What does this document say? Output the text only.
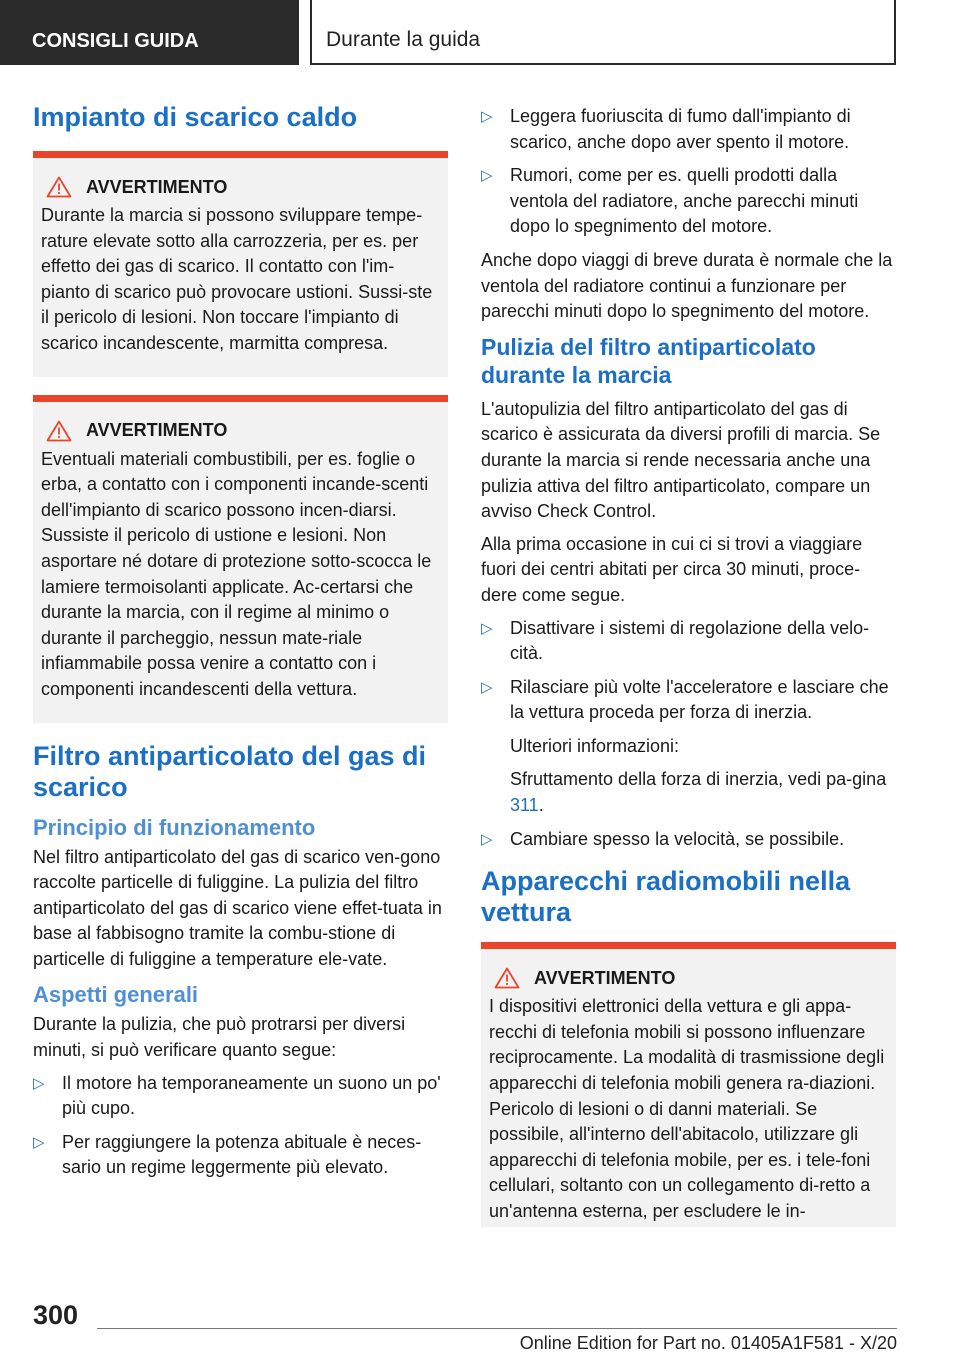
CONSIGLI GUIDA	Durante la guida
Impianto di scarico caldo
AVVERTIMENTO
Durante la marcia si possono sviluppare tempe-rature elevate sotto alla carrozzeria, per es. per effetto dei gas di scarico. Il contatto con l'im-pianto di scarico può provocare ustioni. Sussi-ste il pericolo di lesioni. Non toccare l'impianto di scarico incandescente, marmitta compresa.
AVVERTIMENTO
Eventuali materiali combustibili, per es. foglie o erba, a contatto con i componenti incande-scenti dell'impianto di scarico possono incen-diarsi. Sussiste il pericolo di ustione e lesioni. Non asportare né dotare di protezione sotto-scocca le lamiere termoisolanti applicate. Ac-certarsi che durante la marcia, con il regime al minimo o durante il parcheggio, nessun mate-riale infiammabile possa venire a contatto con i componenti incandescenti della vettura.
Filtro antiparticolato del gas di scarico
Principio di funzionamento

Nel filtro antiparticolato del gas di scarico ven-gono raccolte particelle di fuliggine. La pulizia del filtro antiparticolato del gas di scarico viene effet-tuata in base al fabbisogno tramite la combu-stione di particelle di fuliggine a temperature ele-vate.

Aspetti generali

Durante la pulizia, che può protrarsi per diversi minuti, si può verificare quanto segue:

▷ Il motore ha temporaneamente un suono un po' più cupo.
▷ Per raggiungere la potenza abituale è neces-sario un regime leggermente più elevato.
▷ Leggera fuoriuscita di fumo dall'impianto di scarico, anche dopo aver spento il motore.
▷ Rumori, come per es. quelli prodotti dalla ventola del radiatore, anche parecchi minuti dopo lo spegnimento del motore.

Anche dopo viaggi di breve durata è normale che la ventola del radiatore continui a funzionare per parecchi minuti dopo lo spegnimento del motore.

Pulizia del filtro antiparticolato durante la marcia

L'autopulizia del filtro antiparticolato del gas di scarico è assicurata da diversi profili di marcia. Se durante la marcia si rende necessaria anche una pulizia attiva del filtro antiparticolato, compare un avviso Check Control.

Alla prima occasione in cui ci si trovi a viaggiare fuori dei centri abitati per circa 30 minuti, proce-dere come segue.

▷ Disattivare i sistemi di regolazione della velo-cità.
▷ Rilasciare più volte l'acceleratore e lasciare che la vettura proceda per forza di inerzia.
Ulteriori informazioni:
Sfruttamento della forza di inerzia, vedi pa-gina 311.
▷ Cambiare spesso la velocità, se possibile.
Apparecchi radiomobili nella vettura
AVVERTIMENTO
I dispositivi elettronici della vettura e gli appa-recchi di telefonia mobili si possono influenzare reciprocamente. La modalità di trasmissione degli apparecchi di telefonia mobili genera ra-diazioni. Pericolo di lesioni o di danni materiali. Se possibile, all'interno dell'abitacolo, utilizzare gli apparecchi di telefonia mobile, per es. i tele-foni cellulari, soltanto con un collegamento di-retto a un'antenna esterna, per escludere le in-
300
Online Edition for Part no. 01405A1F581 - X/20
